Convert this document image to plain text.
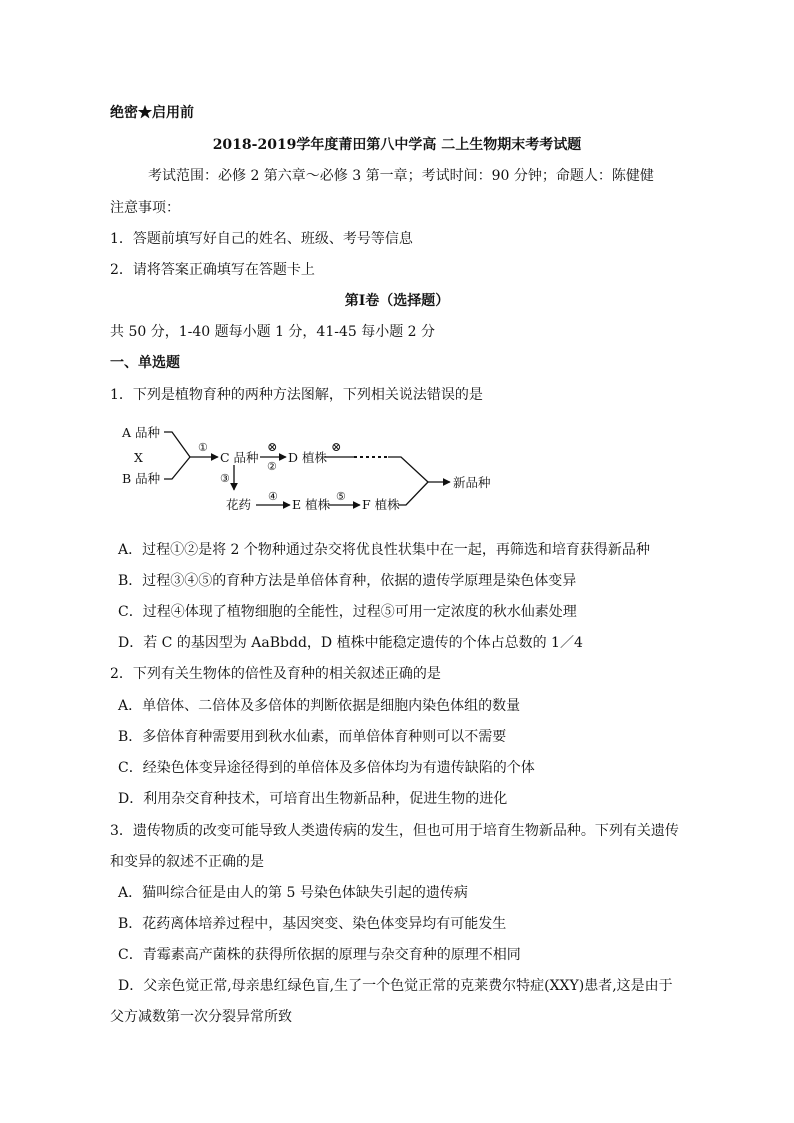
绝密★启用前
2018-2019学年度莆田第八中学高 二上生物期末考考试题
考试范围：必修 2 第六章～必修 3 第一章；考试时间：90 分钟；命题人：陈健健
注意事项：
1．答题前填写好自己的姓名、班级、考号等信息
2．请将答案正确填写在答题卡上
第Ⅰ卷（选择题）
共 50 分，1-40 题每小题 1 分，41-45 每小题 2 分
一、单选题
1．下列是植物育种的两种方法图解，下列相关说法错误的是
A 品种
X
B 品种
①
C 品种
⊗
②
D 植株
⊗
③
花药
④
E 植株
⑤
F 植株
新品种
A．过程①②是将 2 个物种通过杂交将优良性状集中在一起，再筛选和培育获得新品种
B．过程③④⑤的育种方法是单倍体育种，依据的遗传学原理是染色体变异
C．过程④体现了植物细胞的全能性，过程⑤可用一定浓度的秋水仙素处理
D．若 C 的基因型为 AaBbdd，D 植株中能稳定遗传的个体占总数的 1／4
2．下列有关生物体的倍性及育种的相关叙述正确的是
A．单倍体、二倍体及多倍体的判断依据是细胞内染色体组的数量
B．多倍体育种需要用到秋水仙素，而单倍体育种则可以不需要
C．经染色体变异途径得到的单倍体及多倍体均为有遗传缺陷的个体
D．利用杂交育种技术，可培育出生物新品种，促进生物的进化
3．遗传物质的改变可能导致人类遗传病的发生，但也可用于培育生物新品种。下列有关遗传
和变异的叙述不正确的是
A．猫叫综合征是由人的第 5 号染色体缺失引起的遗传病
B．花药离体培养过程中，基因突变、染色体变异均有可能发生
C．青霉素高产菌株的获得所依据的原理与杂交育种的原理不相同
D．父亲色觉正常,母亲患红绿色盲,生了一个色觉正常的克莱费尔特症(XXY)患者,这是由于
父方减数第一次分裂异常所致
